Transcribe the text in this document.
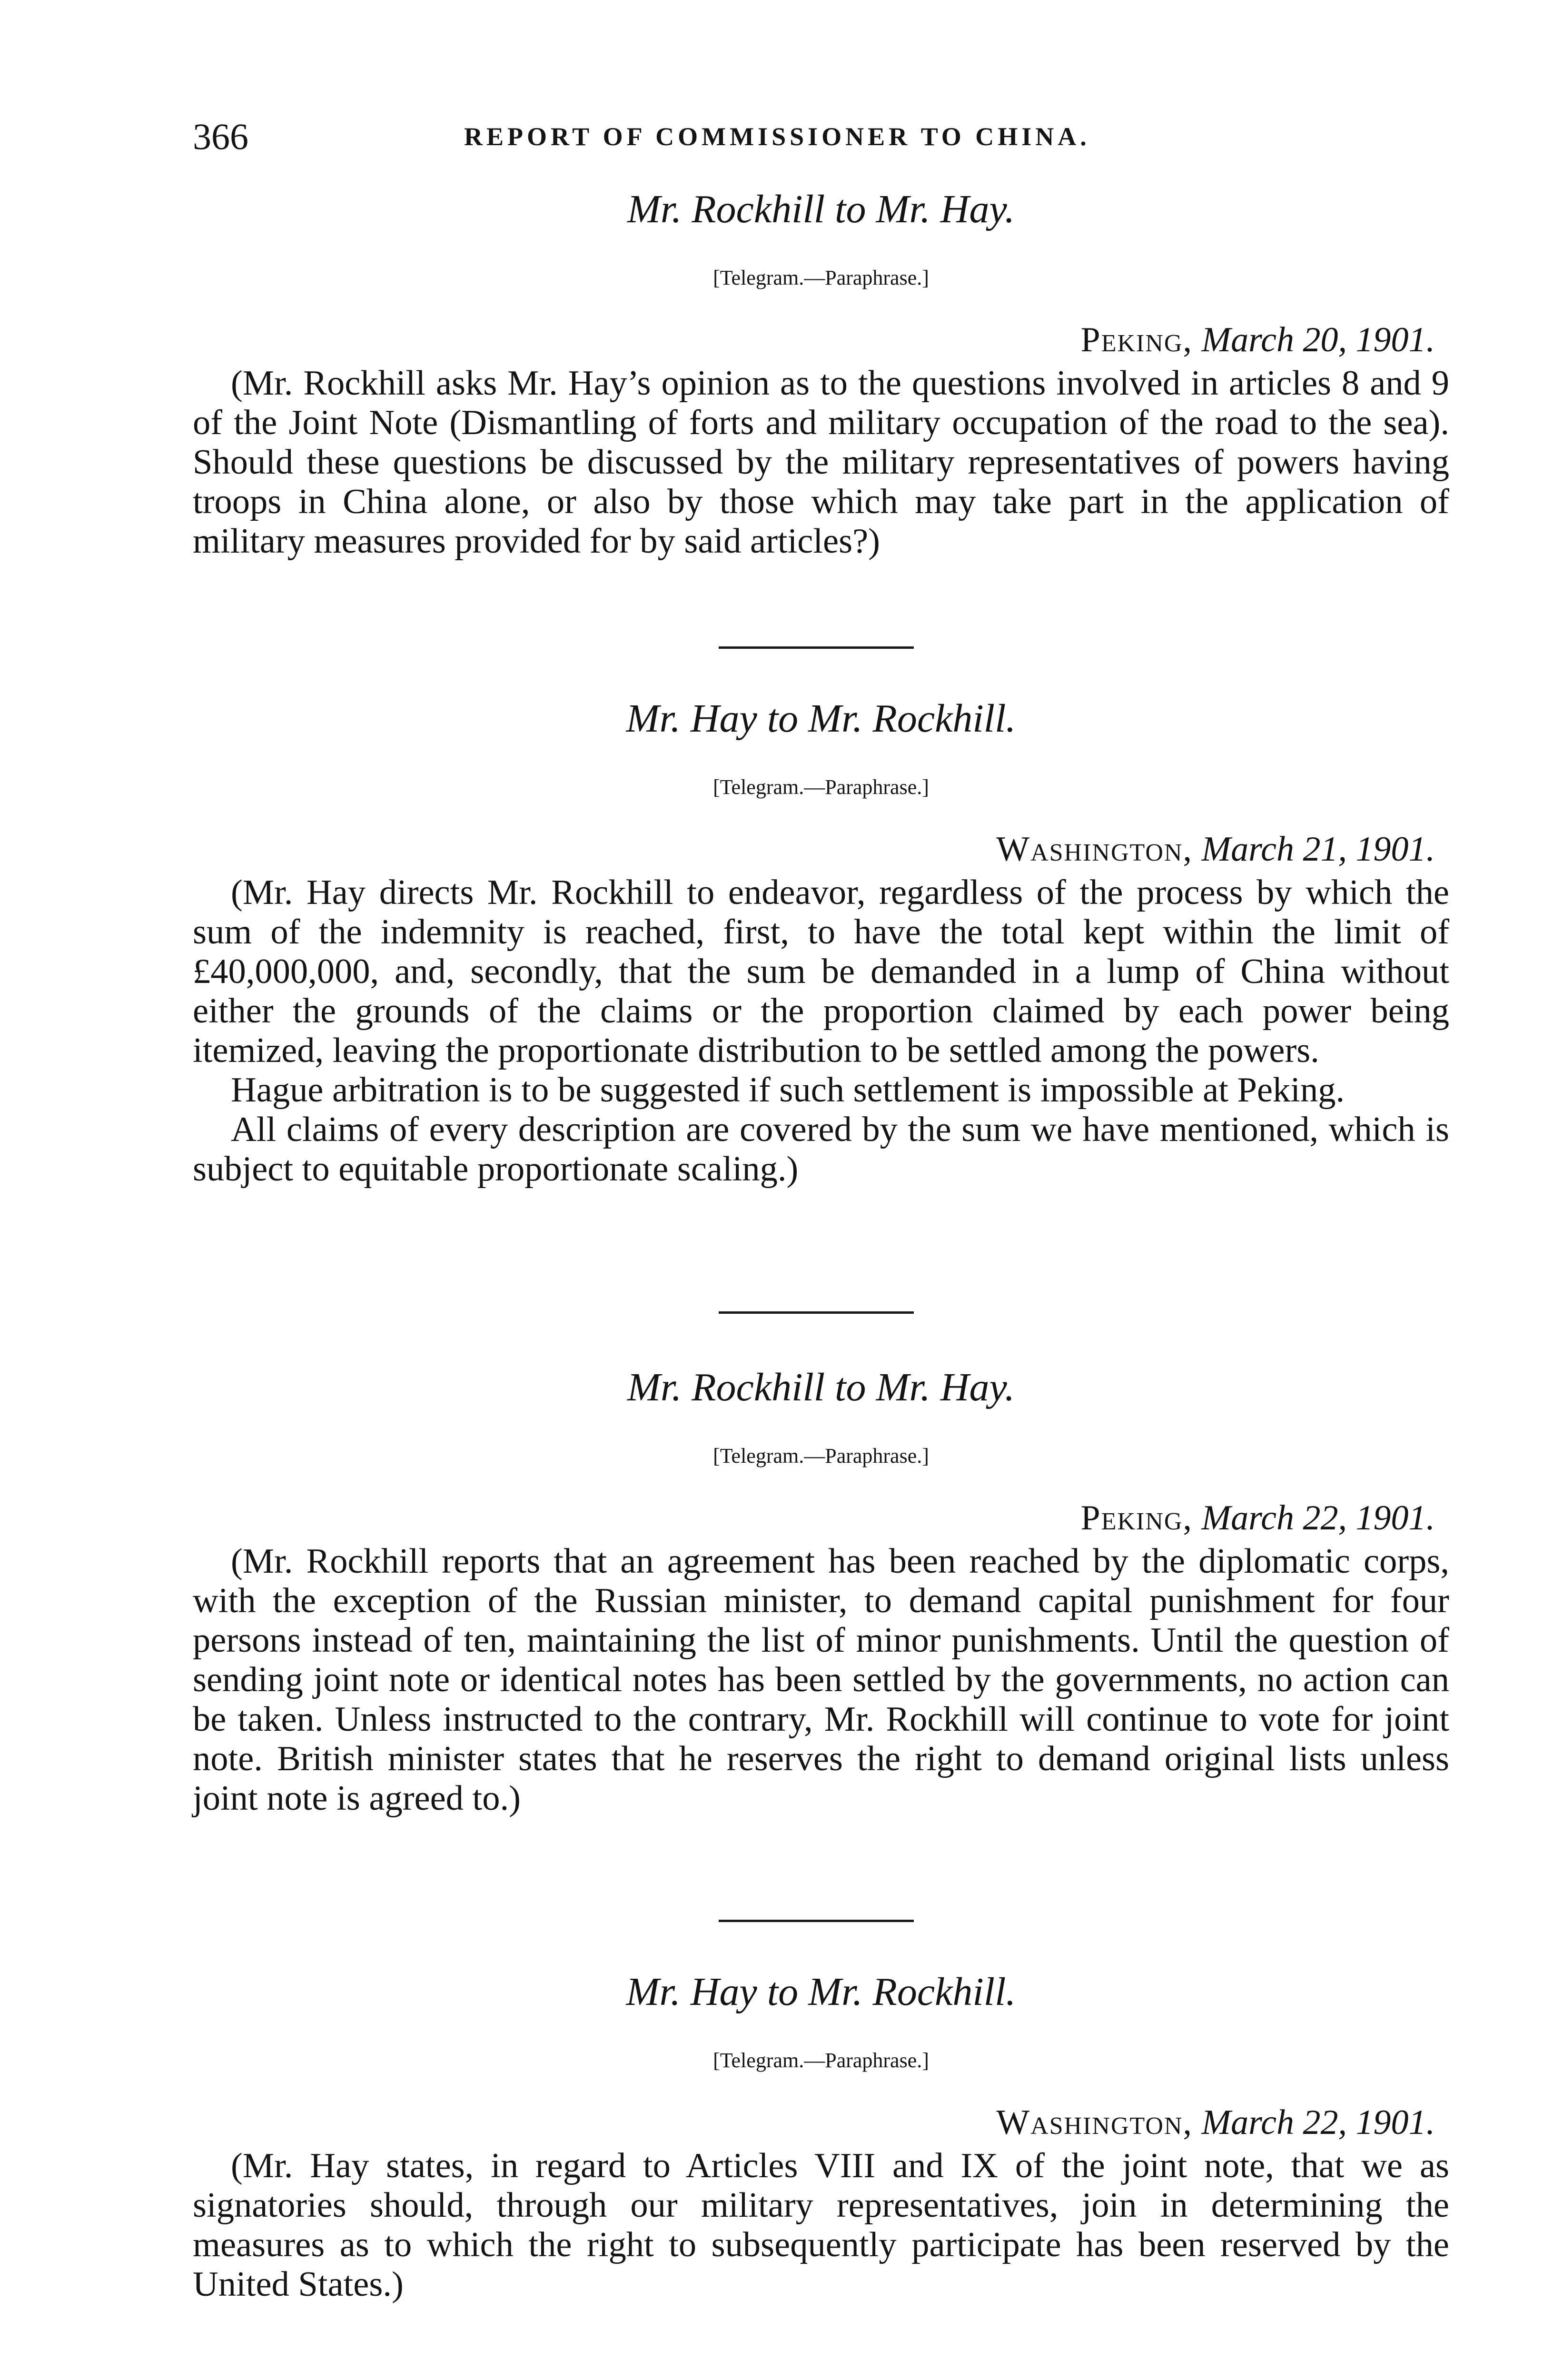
366	REPORT OF COMMISSIONER TO CHINA.
Mr. Rockhill to Mr. Hay.
[Telegram.—Paraphrase.]
Peking, March 20, 1901.

(Mr. Rockhill asks Mr. Hay’s opinion as to the questions involved in articles 8 and 9 of the Joint Note (Dismantling of forts and military occupation of the road to the sea). Should these questions be discussed by the military representatives of powers having troops in China alone, or also by those which may take part in the application of military measures provided for by said articles?)

Mr. Hay to Mr. Rockhill.
[Telegram.—Paraphrase.]
Washington, March 21, 1901.

(Mr. Hay directs Mr. Rockhill to endeavor, regardless of the process by which the sum of the indemnity is reached, first, to have the total kept within the limit of £40,000,000, and, secondly, that the sum be demanded in a lump of China without either the grounds of the claims or the proportion claimed by each power being itemized, leaving the proportionate distribution to be settled among the powers.

Hague arbitration is to be suggested if such settlement is impossible at Peking.

All claims of every description are covered by the sum we have mentioned, which is subject to equitable proportionate scaling.)

Mr. Rockhill to Mr. Hay.
[Telegram.—Paraphrase.]
Peking, March 22, 1901.

(Mr. Rockhill reports that an agreement has been reached by the diplomatic corps, with the exception of the Russian minister, to demand capital punishment for four persons instead of ten, maintaining the list of minor punishments. Until the question of sending joint note or identical notes has been settled by the governments, no action can be taken. Unless instructed to the contrary, Mr. Rockhill will continue to vote for joint note. British minister states that he reserves the right to demand original lists unless joint note is agreed to.)

Mr. Hay to Mr. Rockhill.
[Telegram.—Paraphrase.]
Washington, March 22, 1901.

(Mr. Hay states, in regard to Articles VIII and IX of the joint note, that we as signatories should, through our military representatives, join in determining the measures as to which the right to subsequently participate has been reserved by the United States.)
